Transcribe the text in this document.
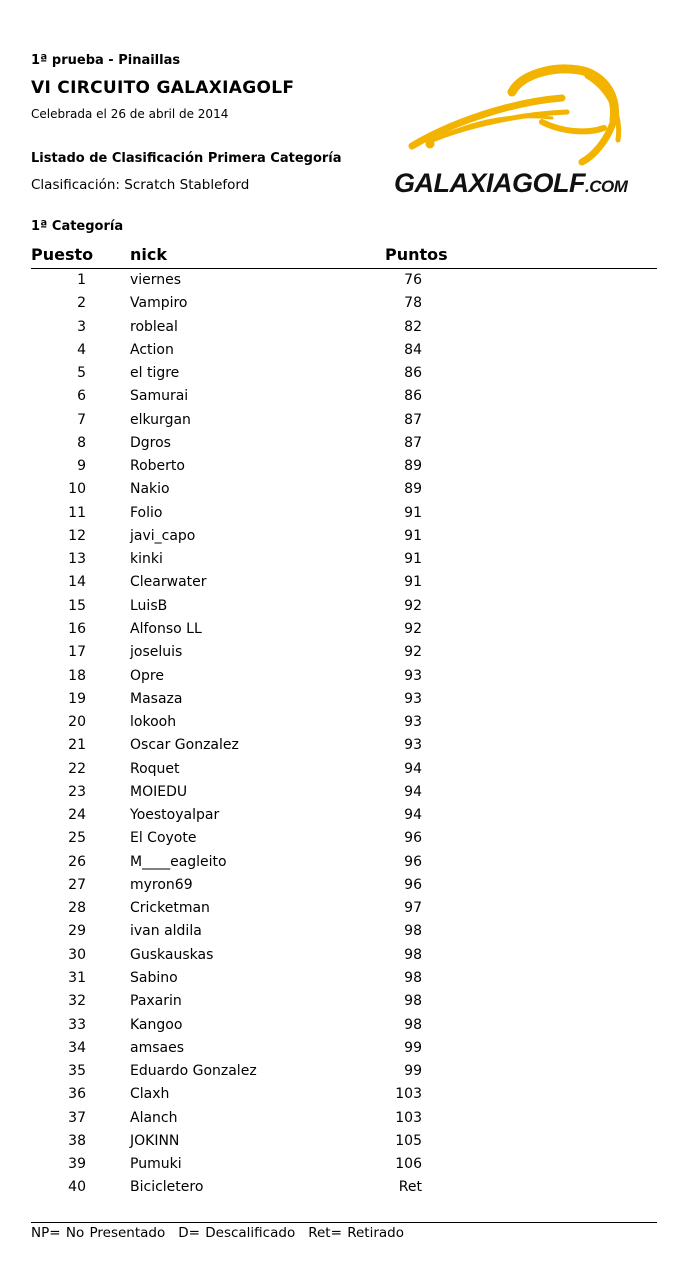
1ª prueba - Pinaillas
VI CIRCUITO GALAXIAGOLF
Celebrada el 26 de abril de 2014
Listado de Clasificación Primera Categoría
Clasificación: Scratch Stableford
1ª Categoría
GALAXIAGOLF.COM
Puesto nick	Puntos
1	viernes	76
2	Vampiro	78
3	robleal	82
4	Action	84
5	el tigre	86
6	Samurai	86
7	elkurgan	87
8	Dgros	87
9	Roberto	89
10	Nakio	89
11	Folio	91
12	javi_capo	91
13	kinki	91
14	Clearwater	91
15	LuisB	92
16	Alfonso LL	92
17	joseluis	92
18	Opre	93
19	Masaza	93
20	lokooh	93
21	Oscar Gonzalez	93
22	Roquet	94
23	MOIEDU	94
24	Yoestoyalpar	94
25	El Coyote	96
26	M____eagleito	96
27	myron69	96
28	Cricketman	97
29	ivan aldila	98
30	Guskauskas	98
31	Sabino	98
32	Paxarin	98
33	Kangoo	98
34	amsaes	99
35	Eduardo Gonzalez	99
36	Claxh	103
37	Alanch	103
38	JOKINN	105
39	Pumuki	106
40	Bicicletero	Ret
NP= No Presentado D= Descalificado Ret= Retirado
